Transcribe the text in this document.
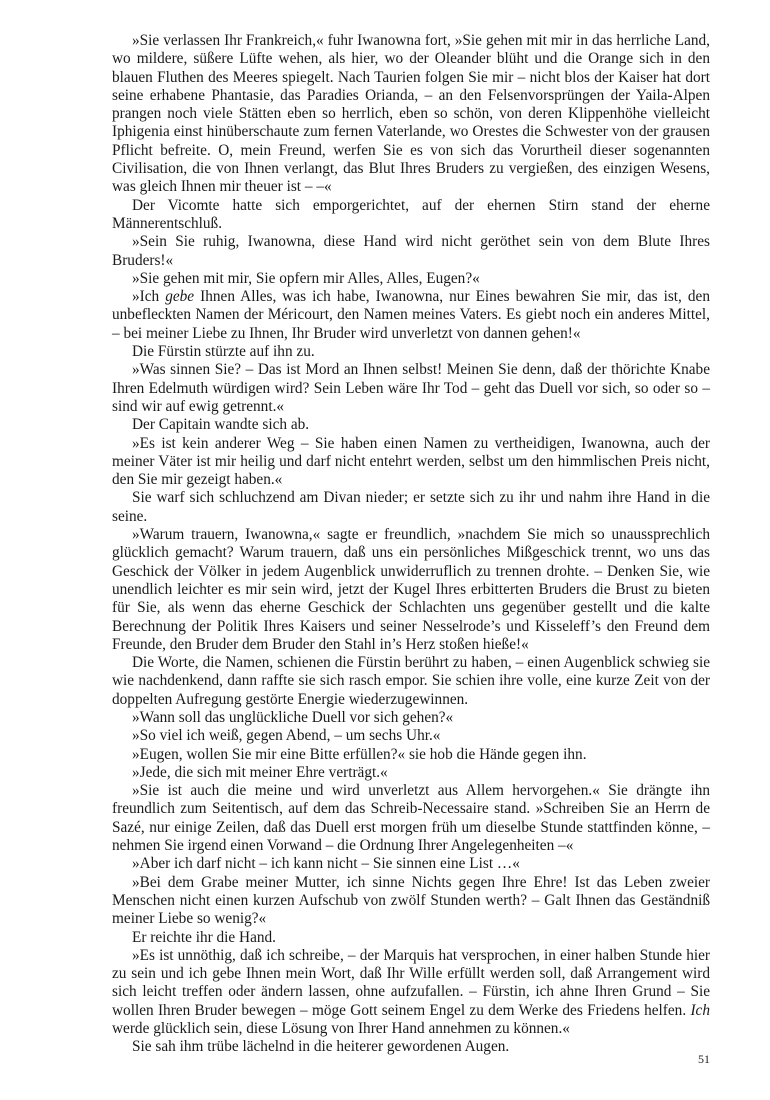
»Sie verlassen Ihr Frankreich,« fuhr Iwanowna fort, »Sie gehen mit mir in das herrliche Land, wo mildere, süßere Lüfte wehen, als hier, wo der Oleander blüht und die Orange sich in den blauen Fluthen des Meeres spiegelt. Nach Taurien folgen Sie mir – nicht blos der Kaiser hat dort seine erhabene Phantasie, das Paradies Orianda, – an den Felsenvorsprüngen der Yaila-Alpen prangen noch viele Stätten eben so herrlich, eben so schön, von deren Klippenhöhe vielleicht Iphigenia einst hinüberschaute zum fernen Vaterlande, wo Orestes die Schwester von der grausen Pflicht befreite. O, mein Freund, werfen Sie es von sich das Vorurtheil dieser sogenannten Civilisation, die von Ihnen verlangt, das Blut Ihres Bruders zu vergießen, des einzigen Wesens, was gleich Ihnen mir theuer ist – –«

Der Vicomte hatte sich emporgerichtet, auf der ehernen Stirn stand der eherne Männerentschluß.

»Sein Sie ruhig, Iwanowna, diese Hand wird nicht geröthet sein von dem Blute Ihres Bruders!«

»Sie gehen mit mir, Sie opfern mir Alles, Alles, Eugen?«

»Ich gebe Ihnen Alles, was ich habe, Iwanowna, nur Eines bewahren Sie mir, das ist, den unbefleckten Namen der Méricourt, den Namen meines Vaters. Es giebt noch ein anderes Mittel, – bei meiner Liebe zu Ihnen, Ihr Bruder wird unverletzt von dannen gehen!«

Die Fürstin stürzte auf ihn zu.

»Was sinnen Sie? – Das ist Mord an Ihnen selbst! Meinen Sie denn, daß der thörichte Knabe Ihren Edelmuth würdigen wird? Sein Leben wäre Ihr Tod – geht das Duell vor sich, so oder so – sind wir auf ewig getrennt.«

Der Capitain wandte sich ab.

»Es ist kein anderer Weg – Sie haben einen Namen zu vertheidigen, Iwanowna, auch der meiner Väter ist mir heilig und darf nicht entehrt werden, selbst um den himmlischen Preis nicht, den Sie mir gezeigt haben.«

Sie warf sich schluchzend am Divan nieder; er setzte sich zu ihr und nahm ihre Hand in die seine.

»Warum trauern, Iwanowna,« sagte er freundlich, »nachdem Sie mich so unaussprechlich glücklich gemacht? Warum trauern, daß uns ein persönliches Mißgeschick trennt, wo uns das Geschick der Völker in jedem Augenblick unwiderruflich zu trennen drohte. – Denken Sie, wie unendlich leichter es mir sein wird, jetzt der Kugel Ihres erbitterten Bruders die Brust zu bieten für Sie, als wenn das eherne Geschick der Schlachten uns gegenüber gestellt und die kalte Berechnung der Politik Ihres Kaisers und seiner Nesselrode’s und Kisseleff’s den Freund dem Freunde, den Bruder dem Bruder den Stahl in’s Herz stoßen hieße!«

Die Worte, die Namen, schienen die Fürstin berührt zu haben, – einen Augenblick schwieg sie wie nachdenkend, dann raffte sie sich rasch empor. Sie schien ihre volle, eine kurze Zeit von der doppelten Aufregung gestörte Energie wiederzugewinnen.

»Wann soll das unglückliche Duell vor sich gehen?«

»So viel ich weiß, gegen Abend, – um sechs Uhr.«

»Eugen, wollen Sie mir eine Bitte erfüllen?« sie hob die Hände gegen ihn.

»Jede, die sich mit meiner Ehre verträgt.«

»Sie ist auch die meine und wird unverletzt aus Allem hervorgehen.« Sie drängte ihn freundlich zum Seitentisch, auf dem das Schreib-Necessaire stand. »Schreiben Sie an Herrn de Sazé, nur einige Zeilen, daß das Duell erst morgen früh um dieselbe Stunde stattfinden könne, – nehmen Sie irgend einen Vorwand – die Ordnung Ihrer Angelegenheiten –«

»Aber ich darf nicht – ich kann nicht – Sie sinnen eine List …«

»Bei dem Grabe meiner Mutter, ich sinne Nichts gegen Ihre Ehre! Ist das Leben zweier Menschen nicht einen kurzen Aufschub von zwölf Stunden werth? – Galt Ihnen das Geständniß meiner Liebe so wenig?«

Er reichte ihr die Hand.

»Es ist unnöthig, daß ich schreibe, – der Marquis hat versprochen, in einer halben Stunde hier zu sein und ich gebe Ihnen mein Wort, daß Ihr Wille erfüllt werden soll, daß Arrangement wird sich leicht treffen oder ändern lassen, ohne aufzufallen. – Fürstin, ich ahne Ihren Grund – Sie wollen Ihren Bruder bewegen – möge Gott seinem Engel zu dem Werke des Friedens helfen. Ich werde glücklich sein, diese Lösung von Ihrer Hand annehmen zu können.«

Sie sah ihm trübe lächelnd in die heiterer gewordenen Augen.

51
